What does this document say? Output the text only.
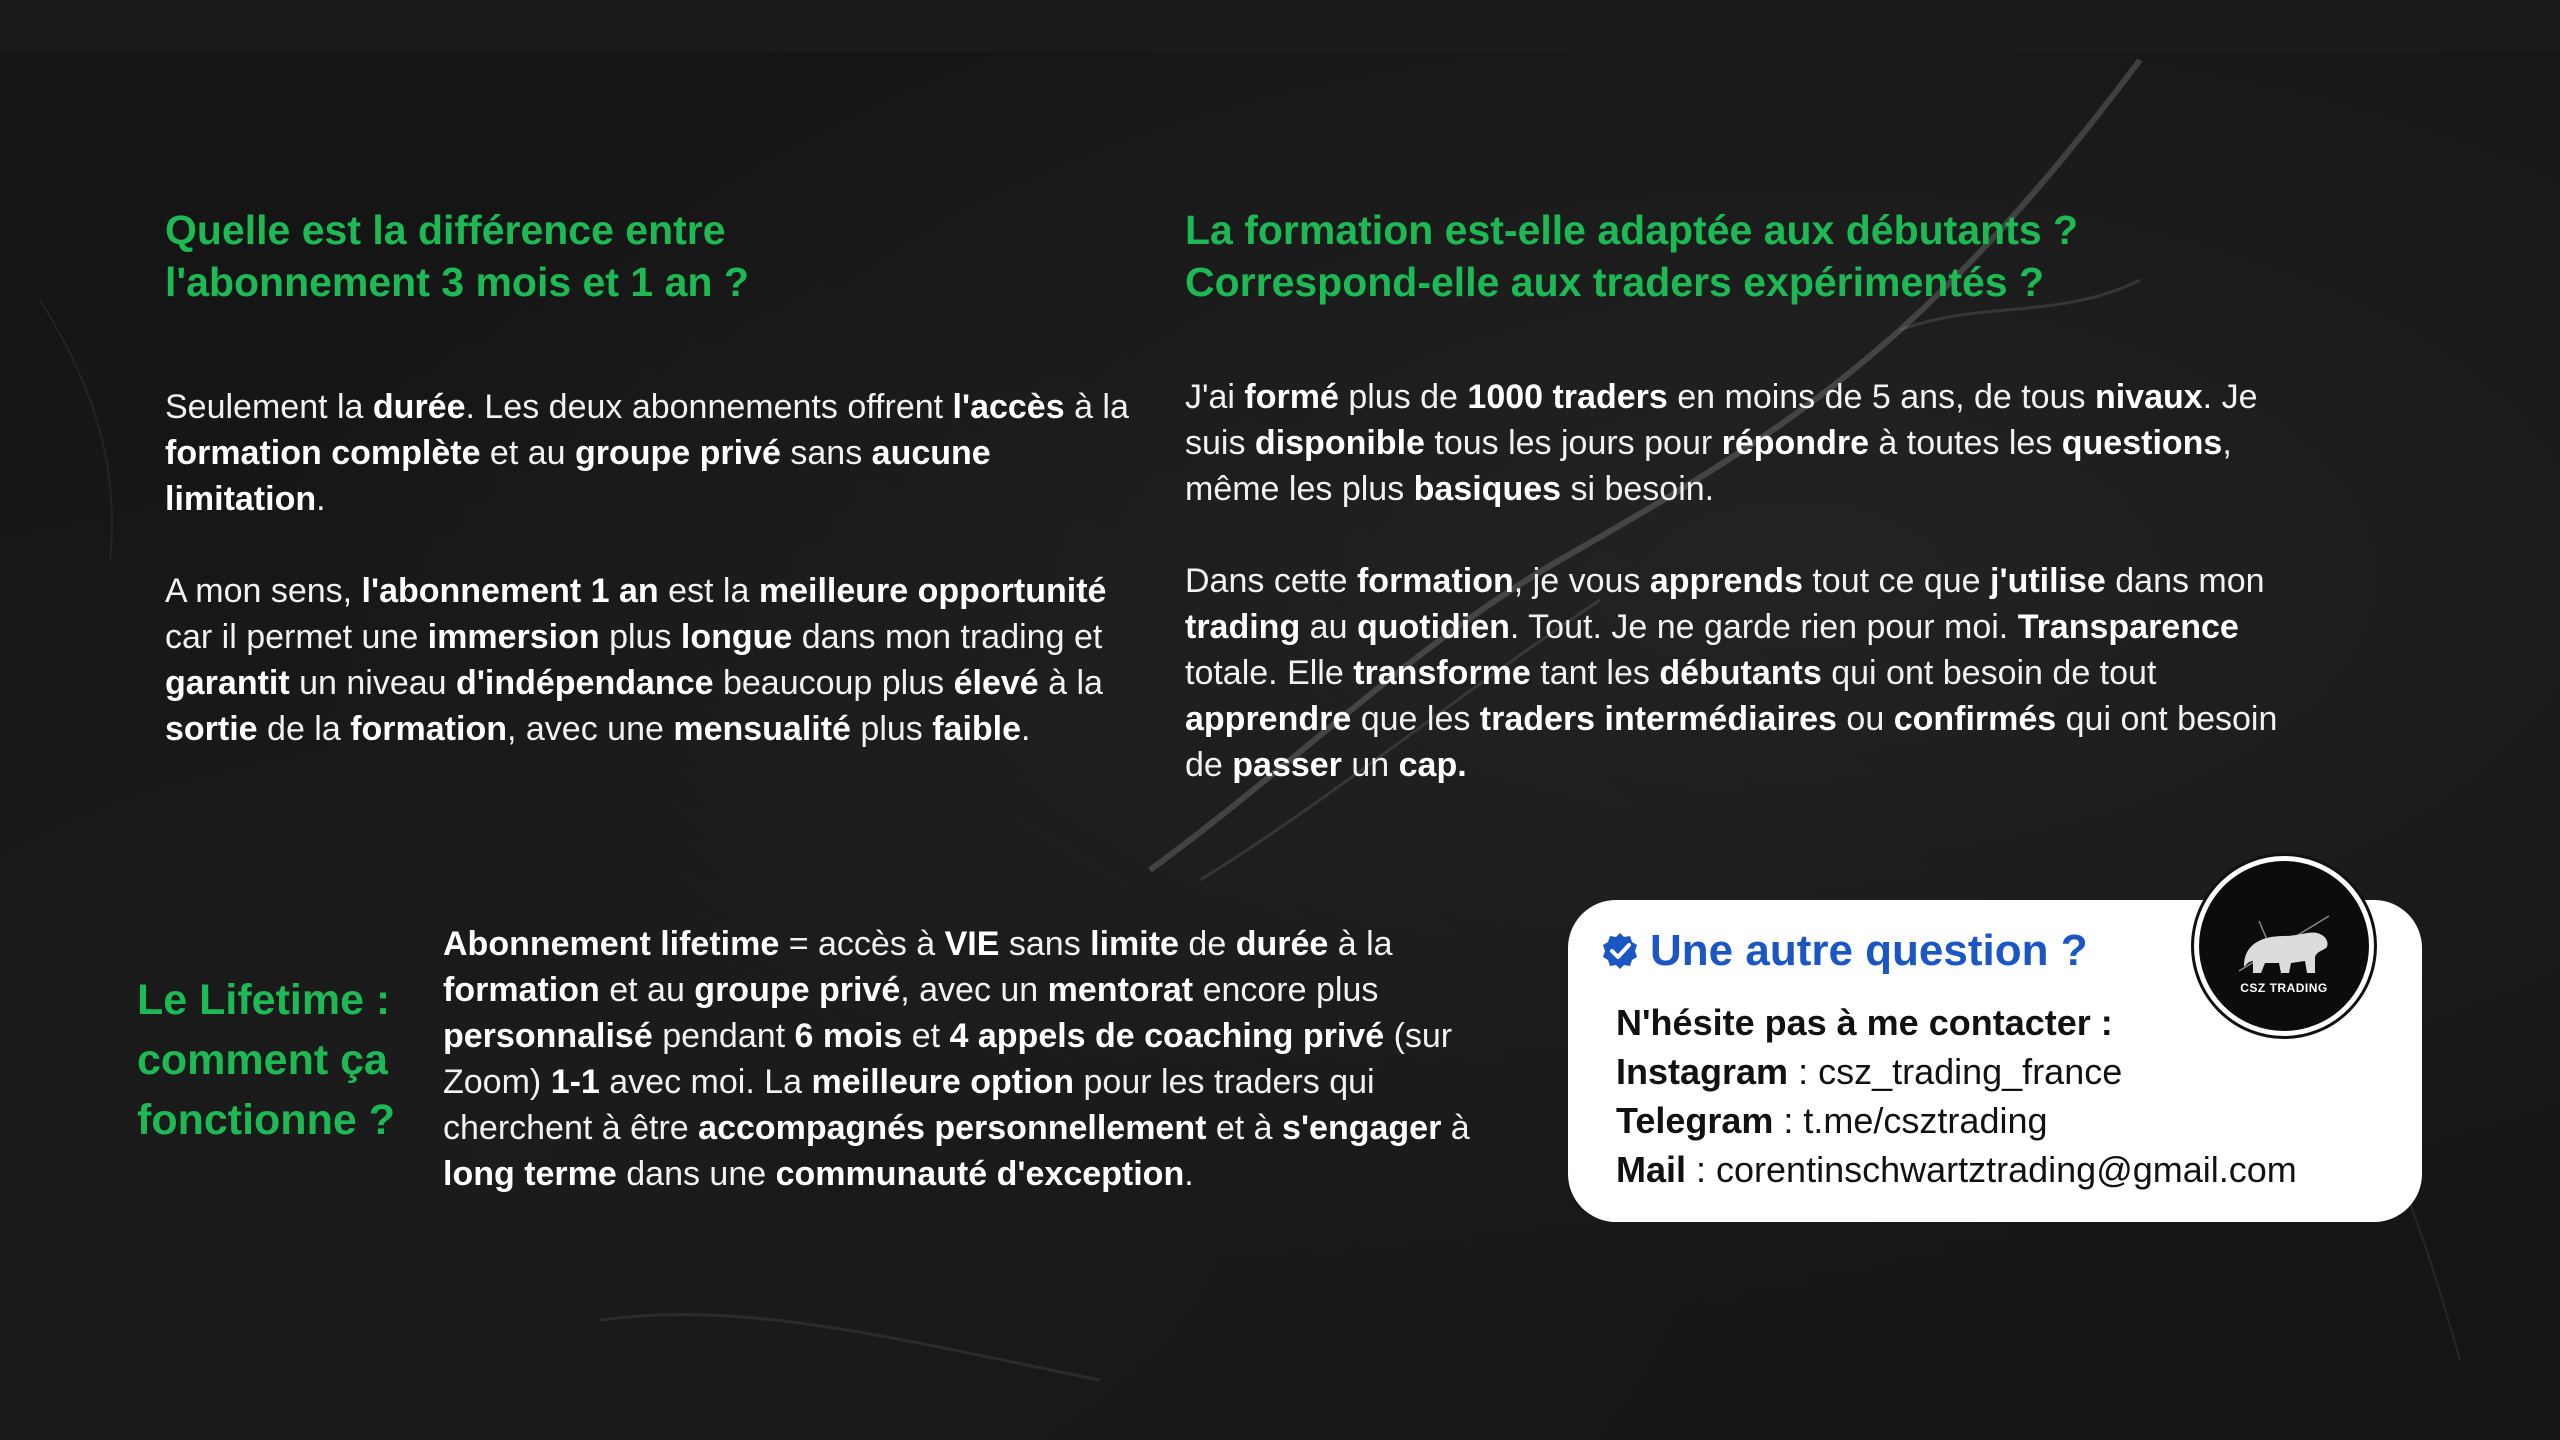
Quelle est la différence entre
l'abonnement 3 mois et 1 an ?

Seulement la durée. Les deux abonnements offrent l'accès à la formation complète et au groupe privé sans aucune limitation.

A mon sens, l'abonnement 1 an est la meilleure opportunité car il permet une immersion plus longue dans mon trading et garantit un niveau d'indépendance beaucoup plus élevé à la sortie de la formation, avec une mensualité plus faible.

La formation est-elle adaptée aux débutants ?
Correspond-elle aux traders expérimentés ?

J'ai formé plus de 1000 traders en moins de 5 ans, de tous nivaux. Je suis disponible tous les jours pour répondre à toutes les questions, même les plus basiques si besoin.

Dans cette formation, je vous apprends tout ce que j'utilise dans mon trading au quotidien. Tout. Je ne garde rien pour moi. Transparence totale. Elle transforme tant les débutants qui ont besoin de tout apprendre que les traders intermédiaires ou confirmés qui ont besoin de passer un cap.

Le Lifetime :
comment ça
fonctionne ?

Abonnement lifetime = accès à VIE sans limite de durée à la formation et au groupe privé, avec un mentorat encore plus personnalisé pendant 6 mois et 4 appels de coaching privé (sur Zoom) 1-1 avec moi. La meilleure option pour les traders qui cherchent à être accompagnés personnellement et à s'engager à long terme dans une communauté d'exception.

Une autre question ?
N'hésite pas à me contacter :
Instagram : csz_trading_france
Telegram : t.me/csztrading
Mail : corentinschwartztrading@gmail.com
CSZ TRADING
